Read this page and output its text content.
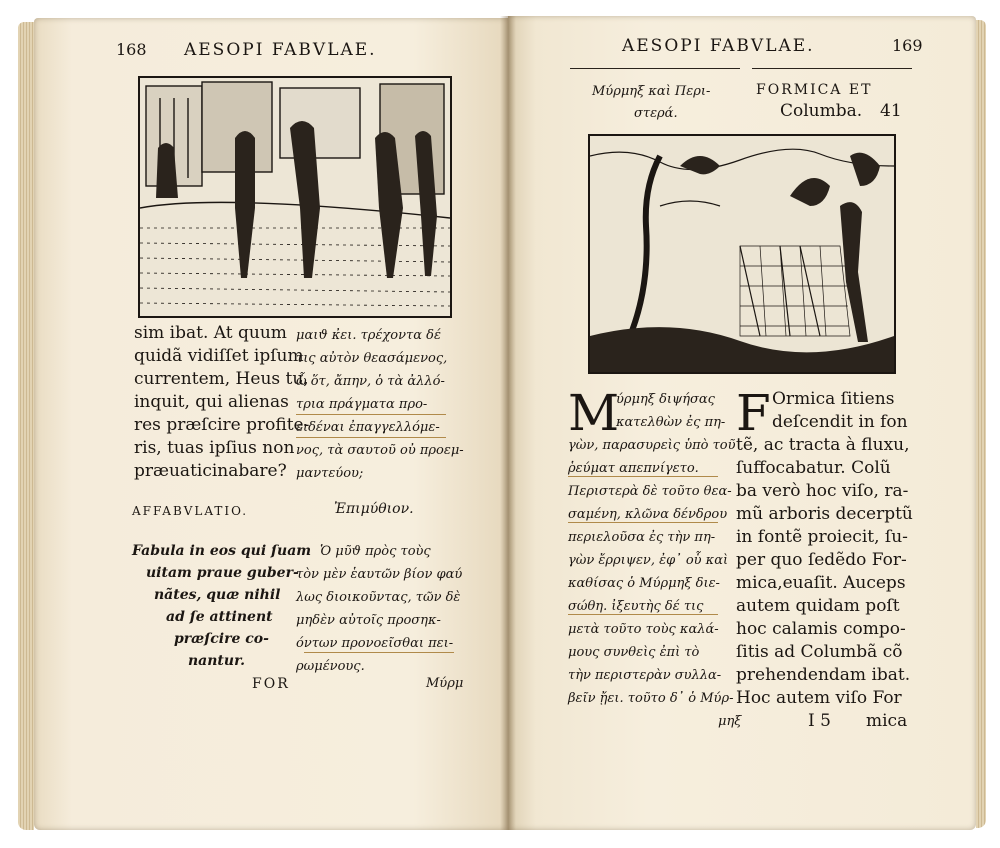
168 AESOPI FABVLAE.
sim ibat. At quum
quidã vidiſſet ipſum
currentem, Heus tu,
inquit, qui alienas
res præſcire profite-
ris, tuas ipſius non
præuaticinabare?
μαιϑ κ̓ει. τρέχοντα δέ
τις αὐτὸν θεασάμενος,
ὦ ὅτ, ἄπην, ὁ τὰ ἀλλό-
τρια πράγματα προ-
ειδέναι ἐπαγγελλόμε-
νος, τὰ σαυτοῦ οὐ προεμ-
μαντεύου;
AFFABVLATIO.	Ἐπιμύθιον.
Fabula in eos qui ſuam
uitam praue guber-
nãtes, quæ nihil
ad ſe attinent
præſcire co-
nantur.
Ὁ μῦϑ πρὸς τοὺς
τὸν μὲν ἑαυτῶν βίον φαύ
λως διοικοῦντας, τῶν δὲ
μηδὲν αὐτοῖς προσηκ-
όντων προνοεῖσθαι πει-
ρωμένους.
FOR	Μύρμ
AESOPI FABVLAE.	169
Μύρμηξ καὶ Περι-
στερά.
FORMICA ET
Columba. 41
M
ύρμηξ διψήσας
κατελθὼν ἐς πη-
γὼν, παρασυρεὶς ὑπὸ τοῦ
ῥεύματ απεπνίγετο.
Περιστερὰ δὲ τοῦτο θεα-
σαμένη, κλῶνα δένδρου
περιελοῦσα ἐς τὴν πη-
γὼν ἔρριψεν, ἐφ᾽ οὗ καὶ
καθίσας ὁ Μύρμηξ διε-
σώθη. ἰξευτὴς δέ τις
μετὰ τοῦτο τοὺς καλά-
μους συνθεὶς ἐπὶ τὸ
τὴν περιστερὰν συλλα-
βεῖν ᾔει. τοῦτο δ᾽ ὁ Μύρ-
μηξ
F Ormica ſitiens
deſcendit in fon
tẽ, ac tracta à fluxu,
ſuffocabatur. Colũ
ba verò hoc viſo, ra-
mũ arboris decerptũ
in fontẽ proiecit, ſu-
per quo ſedẽdo For-
mica,euaſit. Auceps
autem quidam poſt
hoc calamis compo-
ſitis ad Columbã cõ
prehendendam ibat.
Hoc autem viſo For
I 5 mica
